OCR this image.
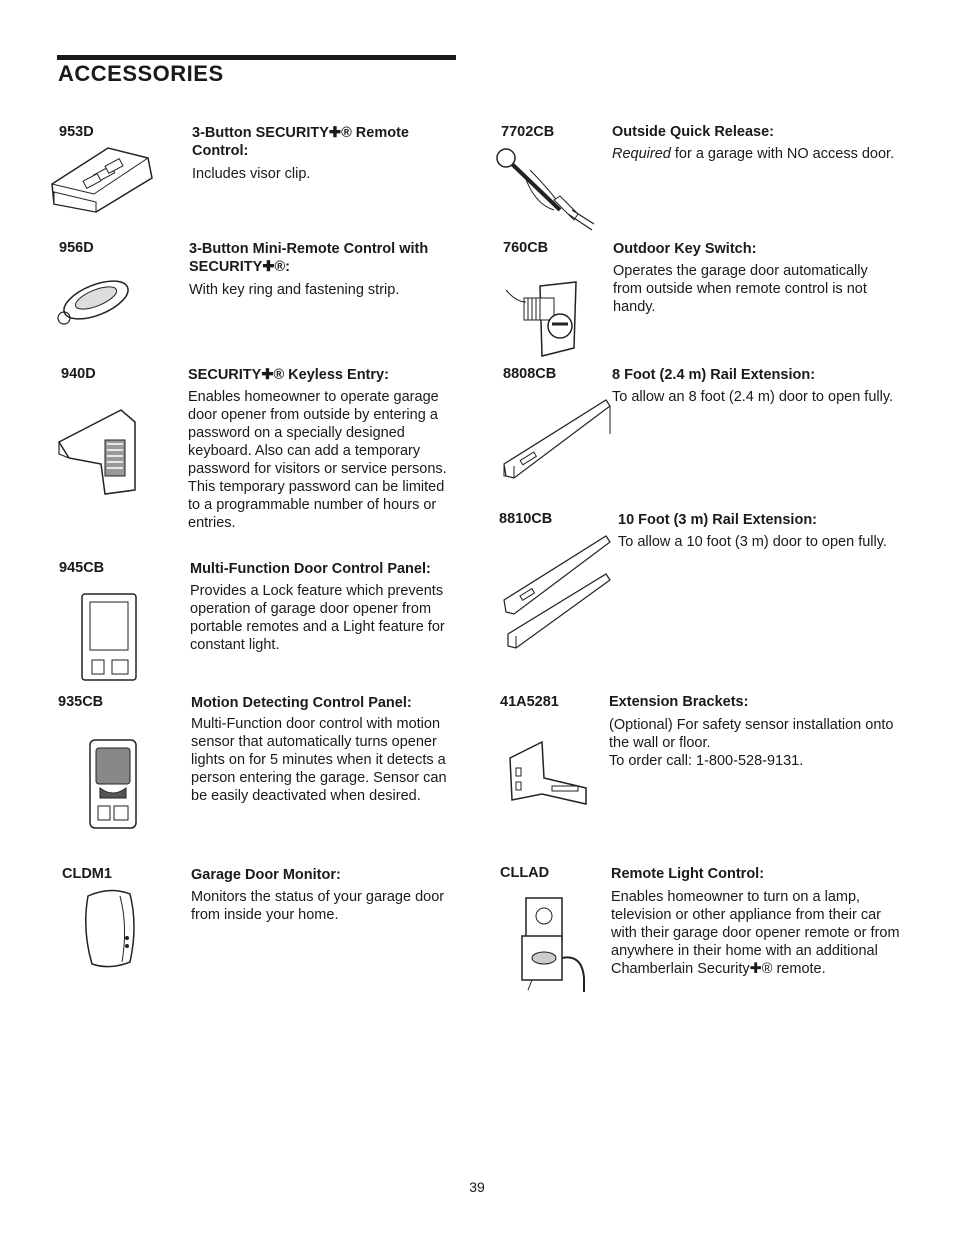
ACCESSORIES
953D	3-Button SECURITY✚® Remote Control:
Includes visor clip.
956D	3-Button Mini-Remote Control with SECURITY✚®:
With key ring and fastening strip.
940D	SECURITY✚® Keyless Entry:
Enables homeowner to operate garage door opener from outside by entering a password on a specially designed keyboard. Also can add a temporary password for visitors or service persons. This temporary password can be limited to a programmable number of hours or entries.
945CB	Multi-Function Door Control Panel:
Provides a Lock feature which prevents operation of garage door opener from portable remotes and a Light feature for constant light.
935CB	Motion Detecting Control Panel:
Multi-Function door control with motion sensor that automatically turns opener lights on for 5 minutes when it detects a person entering the garage. Sensor can be easily deactivated when desired.
CLDM1	Garage Door Monitor:
Monitors the status of your garage door from inside your home.
7702CB	Outside Quick Release:
Required for a garage with NO access door.
760CB	Outdoor Key Switch:
Operates the garage door automatically from outside when remote control is not handy.
8808CB	8 Foot (2.4 m) Rail Extension:
To allow an 8 foot (2.4 m) door to open fully.
8810CB	10 Foot (3 m) Rail Extension:
To allow a 10 foot (3 m) door to open fully.
41A5281	Extension Brackets:
(Optional) For safety sensor installation onto the wall or floor.
To order call: 1-800-528-9131.
CLLAD	Remote Light Control:
Enables homeowner to turn on a lamp, television or other appliance from their car with their garage door opener remote or from anywhere in their home with an additional Chamberlain Security✚® remote.
39
